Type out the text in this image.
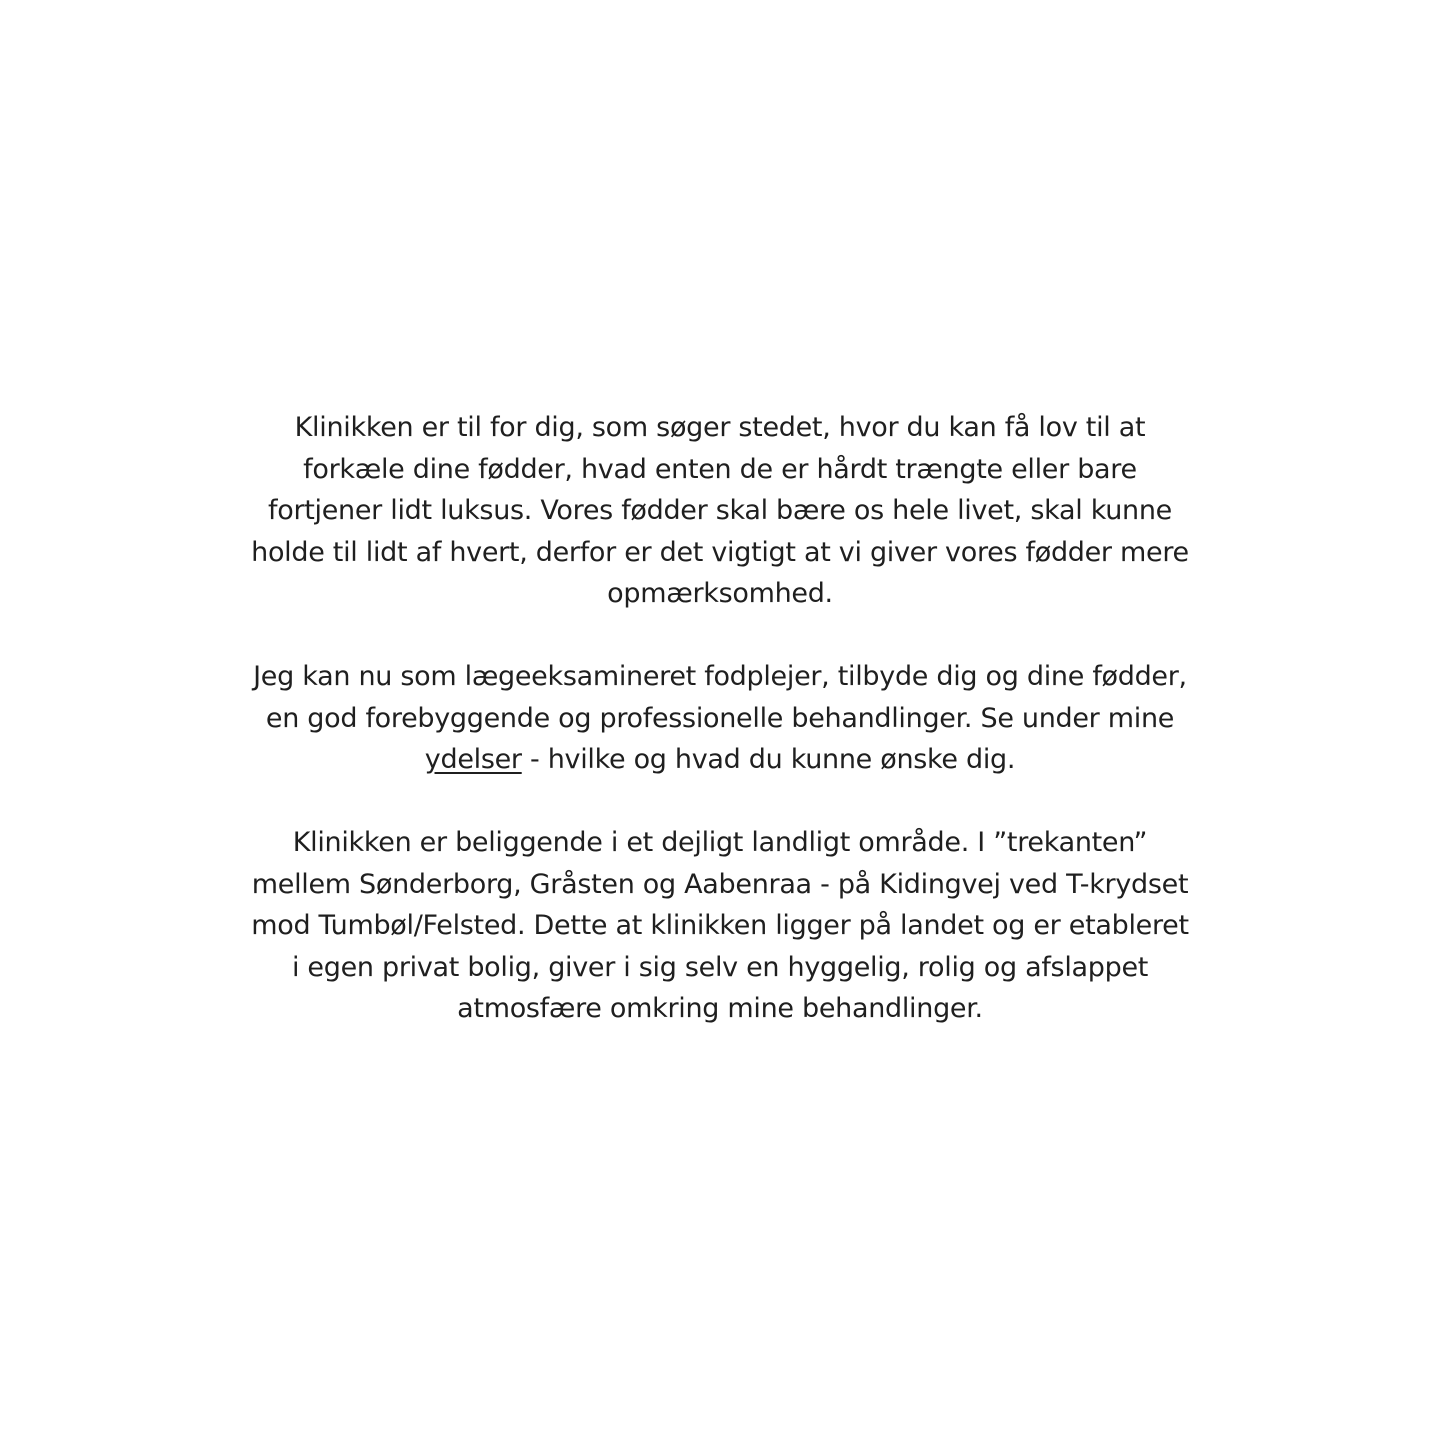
Klinikken er til for dig, som søger stedet, hvor du kan få lov til at forkæle dine fødder, hvad enten de er hårdt trængte eller bare fortjener lidt luksus. Vores fødder skal bære os hele livet, skal kunne holde til lidt af hvert, derfor er det vigtigt at vi giver vores fødder mere opmærksomhed.

Jeg kan nu som lægeeksamineret fodplejer, tilbyde dig og dine fødder, en god forebyggende og professionelle behandlinger. Se under mine ydelser - hvilke og hvad du kunne ønske dig.

Klinikken er beliggende i et dejligt landligt område. I ”trekanten” mellem Sønderborg, Gråsten og Aabenraa - på Kidingvej ved T-krydset mod Tumbøl/Felsted. Dette at klinikken ligger på landet og er etableret i egen privat bolig, giver i sig selv en hyggelig, rolig og afslappet atmosfære omkring mine behandlinger.
